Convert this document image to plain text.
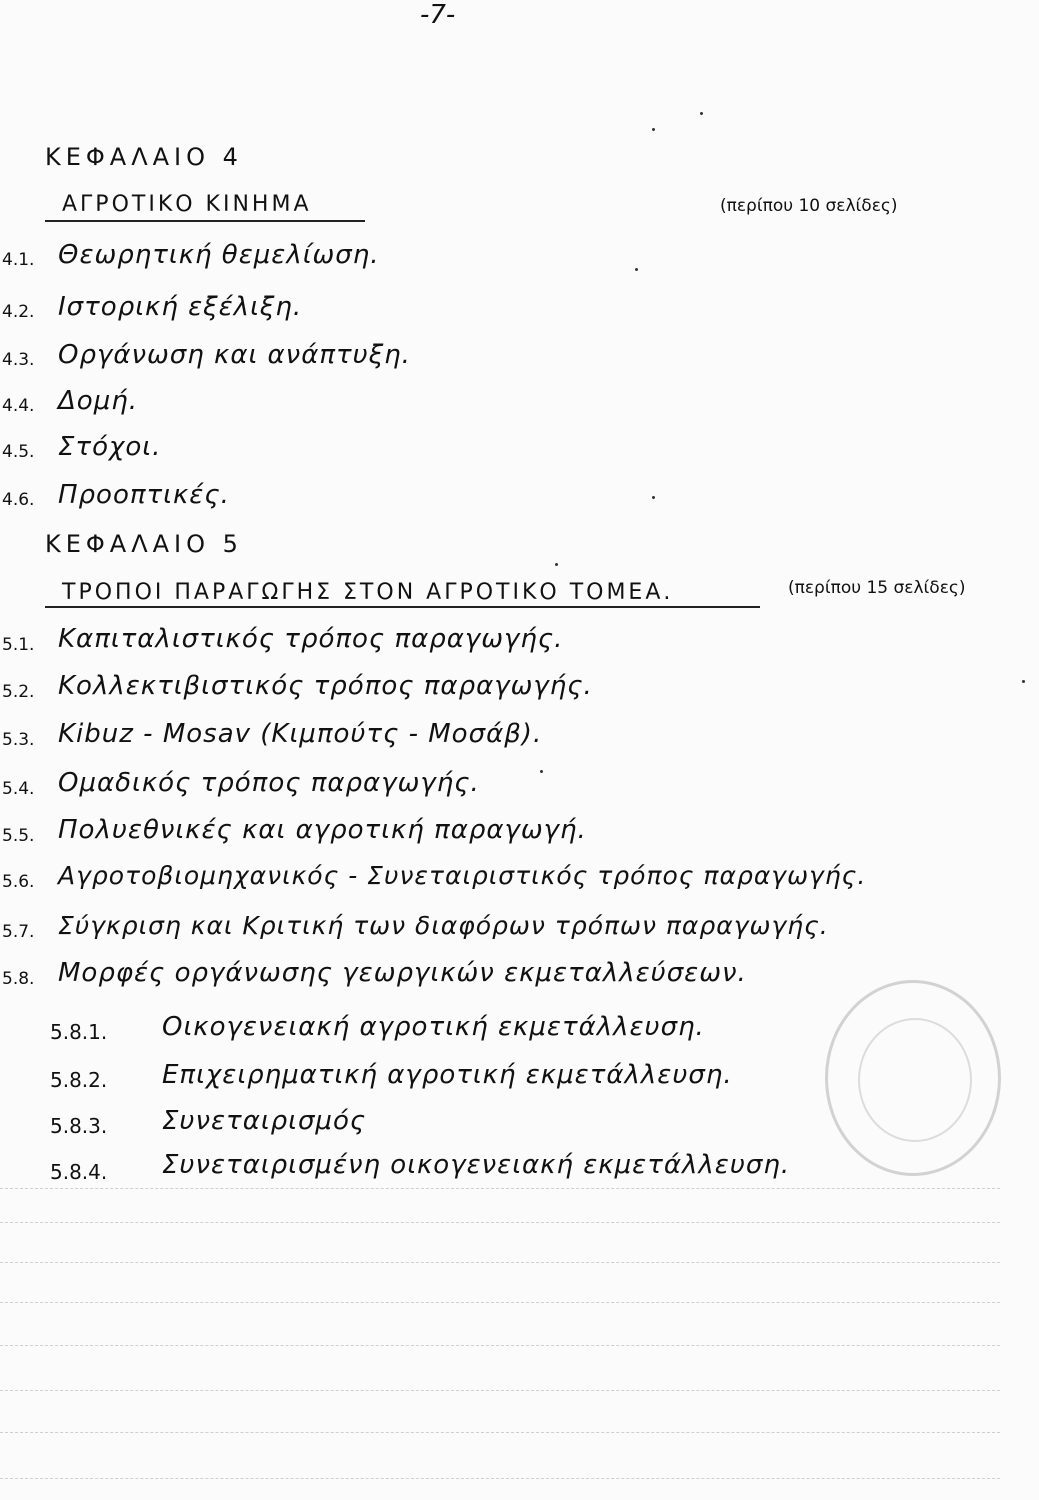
-7-
ΚΕΦΑΛΑΙΟ 4
ΑΓΡΟΤΙΚΟ ΚΙΝΗΜΑ	(περίπου 10 σελίδες)
4.1. Θεωρητική θεμελίωση.
4.2. Ιστορική εξέλιξη.
4.3. Οργάνωση και ανάπτυξη.
4.4. Δομή.
4.5. Στόχοι.
4.6. Προοπτικές.
ΚΕΦΑΛΑΙΟ 5
ΤΡΟΠΟΙ ΠΑΡΑΓΩΓΗΣ ΣΤΟΝ ΑΓΡΟΤΙΚΟ ΤΟΜΕΑ.	(περίπου 15 σελίδες)
5.1. Καπιταλιστικός τρόπος παραγωγής.
5.2. Κολλεκτιβιστικός τρόπος παραγωγής.
5.3. Kibuz - Mosav (Κιμπούτς - Μοσάβ).
5.4. Ομαδικός τρόπος παραγωγής.
5.5. Πολυεθνικές και αγροτική παραγωγή.
5.6. Αγροτοβιομηχανικός - Συνεταιριστικός τρόπος παραγωγής.
5.7. Σύγκριση και Κριτική των διαφόρων τρόπων παραγωγής.
5.8. Μορφές οργάνωσης γεωργικών εκμεταλλεύσεων.
5.8.1. Οικογενειακή αγροτική εκμετάλλευση.
5.8.2. Επιχειρηματική αγροτική εκμετάλλευση.
5.8.3. Συνεταιρισμός
5.8.4. Συνεταιρισμένη οικογενειακή εκμετάλλευση.
